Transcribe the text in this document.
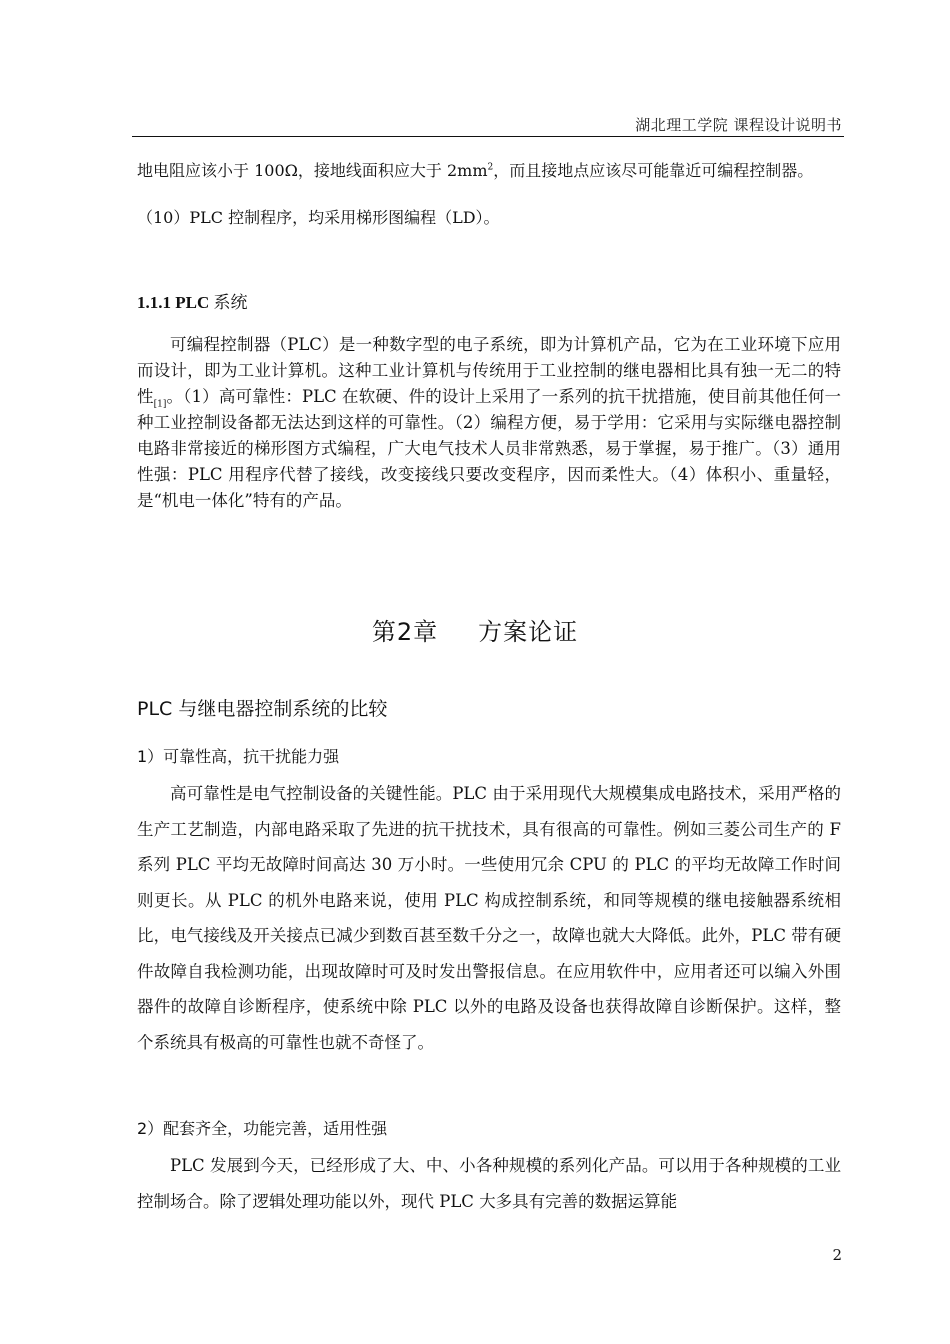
湖北理工学院 课程设计说明书
地电阻应该小于 100Ω，接地线面积应大于 $2mm^2$，而且接地点应该尽可能靠近可编程控制器。
（10）PLC 控制程序，均采用梯形图编程（LD）。
1.1.1 PLC 系统
可编程控制器（PLC）是一种数字型的电子系统，即为计算机产品，它为在工业环境下应用而设计，即为工业计算机。这种工业计算机与传统用于工业控制的继电器相比具有独一无二的特性$_{[1]}$。（1）高可靠性：PLC 在软硬、件的设计上采用了一系列的抗干扰措施，使目前其他任何一种工业控制设备都无法达到这样的可靠性。（2）编程方便，易于学用：它采用与实际继电器控制电路非常接近的梯形图方式编程，广大电气技术人员非常熟悉，易于掌握，易于推广。（3）通用性强：PLC 用程序代替了接线，改变接线只要改变程序，因而柔性大。（4）体积小、重量轻，是“机电一体化”特有的产品。
第2章 方案论证
PLC 与继电器控制系统的比较
1）可靠性高，抗干扰能力强
高可靠性是电气控制设备的关键性能。PLC 由于采用现代大规模集成电路技术，采用严格的生产工艺制造，内部电路采取了先进的抗干扰技术，具有很高的可靠性。例如三菱公司生产的 F 系列 PLC 平均无故障时间高达 30 万小时。一些使用冗余 CPU 的 PLC 的平均无故障工作时间则更长。从 PLC 的机外电路来说，使用 PLC 构成控制系统，和同等规模的继电接触器系统相比，电气接线及开关接点已减少到数百甚至数千分之一，故障也就大大降低。此外，PLC 带有硬件故障自我检测功能，出现故障时可及时发出警报信息。在应用软件中，应用者还可以编入外围器件的故障自诊断程序，使系统中除 PLC 以外的电路及设备也获得故障自诊断保护。这样，整个系统具有极高的可靠性也就不奇怪了。
2）配套齐全，功能完善，适用性强
PLC 发展到今天，已经形成了大、中、小各种规模的系列化产品。可以用于各种规模的工业控制场合。除了逻辑处理功能以外，现代 PLC 大多具有完善的数据运算能
2
